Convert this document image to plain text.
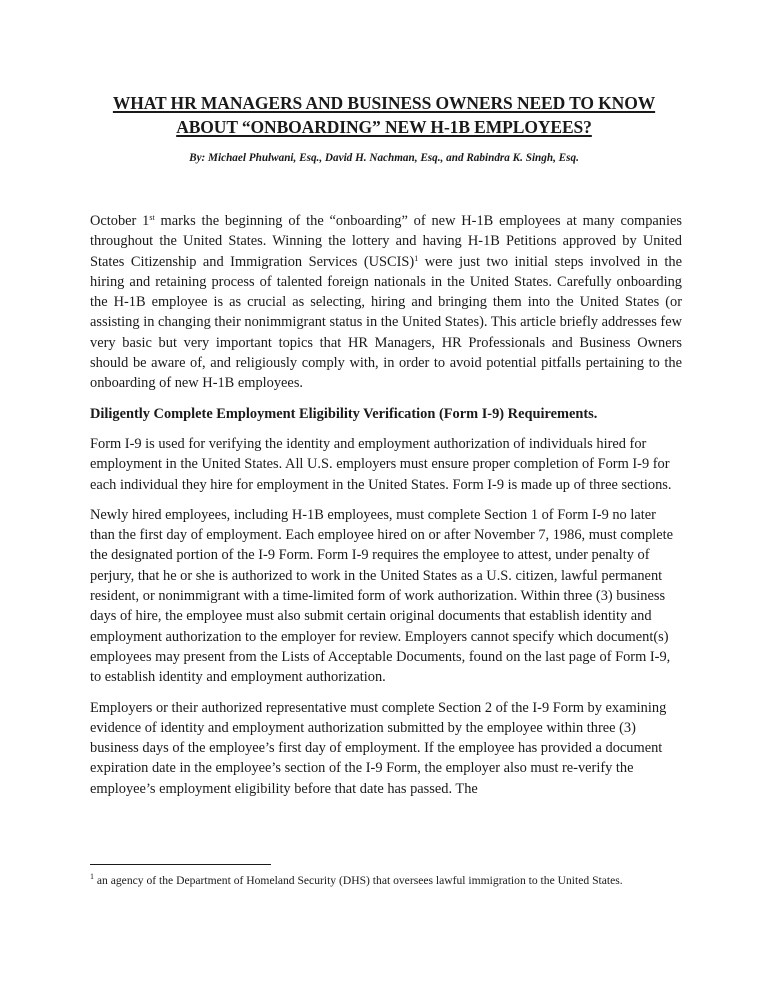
WHAT HR MANAGERS AND BUSINESS OWNERS NEED TO KNOW
ABOUT “ONBOARDING” NEW H-1B EMPLOYEES?
By: Michael Phulwani, Esq., David H. Nachman, Esq., and Rabindra K. Singh, Esq.

October 1st marks the beginning of the “onboarding” of new H-1B employees at many companies throughout the United States. Winning the lottery and having H-1B Petitions approved by United States Citizenship and Immigration Services (USCIS)$^1$ were just two initial steps involved in the hiring and retaining process of talented foreign nationals in the United States. Carefully onboarding the H-1B employee is as crucial as selecting, hiring and bringing them into the United States (or assisting in changing their nonimmigrant status in the United States). This article briefly addresses few very basic but very important topics that HR Managers, HR Professionals and Business Owners should be aware of, and religiously comply with, in order to avoid potential pitfalls pertaining to the onboarding of new H-1B employees.

Diligently Complete Employment Eligibility Verification (Form I-9) Requirements.

Form I-9 is used for verifying the identity and employment authorization of individuals hired for employment in the United States. All U.S. employers must ensure proper completion of Form I-9 for each individual they hire for employment in the United States. Form I-9 is made up of three sections.

Newly hired employees, including H-1B employees, must complete Section 1 of Form I-9 no later than the first day of employment. Each employee hired on or after November 7, 1986, must complete the designated portion of the I-9 Form. Form I-9 requires the employee to attest, under penalty of perjury, that he or she is authorized to work in the United States as a U.S. citizen, lawful permanent resident, or nonimmigrant with a time-limited form of work authorization. Within three (3) business days of hire, the employee must also submit certain original documents that establish identity and employment authorization to the employer for review. Employers cannot specify which document(s) employees may present from the Lists of Acceptable Documents, found on the last page of Form I-9, to establish identity and employment authorization.

Employers or their authorized representative must complete Section 2 of the I-9 Form by examining evidence of identity and employment authorization submitted by the employee within three (3) business days of the employee’s first day of employment. If the employee has provided a document expiration date in the employee’s section of the I-9 Form, the employer also must re-verify the employee’s employment eligibility before that date has passed. The

$^1$ an agency of the Department of Homeland Security (DHS) that oversees lawful immigration to the United States.
